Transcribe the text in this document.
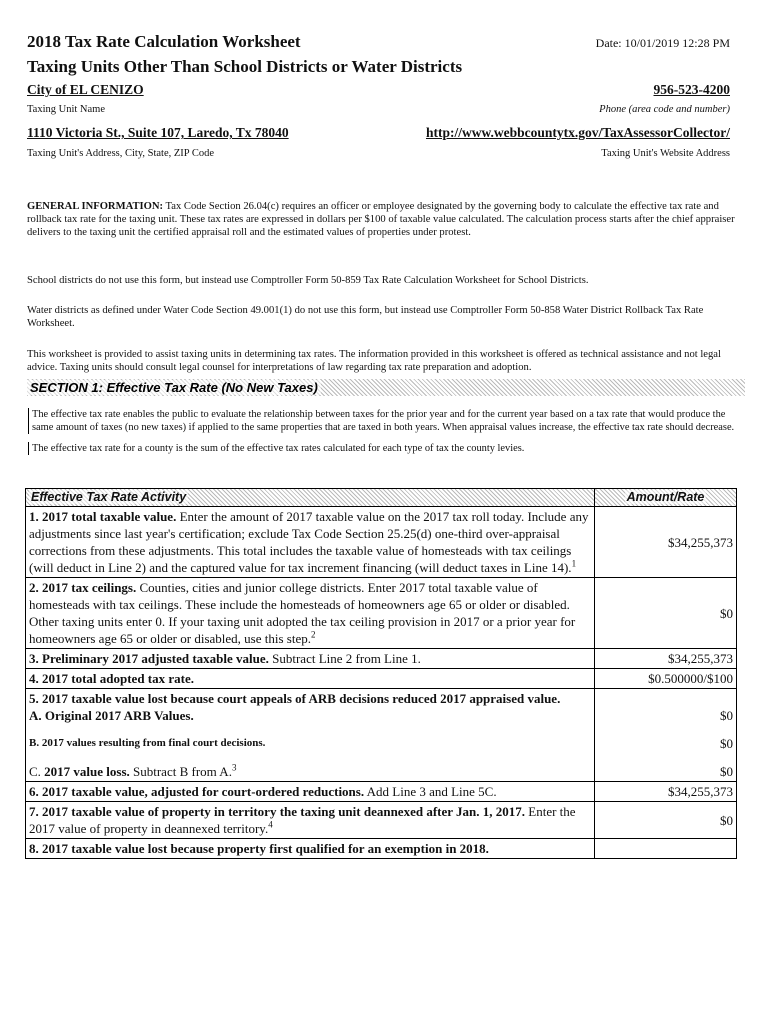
2018 Tax Rate Calculation Worksheet
Taxing Units Other Than School Districts or Water Districts
Date: 10/01/2019 12:28 PM
City of EL CENIZO
Taxing Unit Name
956-523-4200
Phone (area code and number)
1110 Victoria St., Suite 107, Laredo, Tx 78040
Taxing Unit's Address, City, State, ZIP Code
http://www.webbcountytx.gov/TaxAssessorCollector/
Taxing Unit's Website Address
GENERAL INFORMATION: Tax Code Section 26.04(c) requires an officer or employee designated by the governing body to calculate the effective tax rate and rollback tax rate for the taxing unit. These tax rates are expressed in dollars per $100 of taxable value calculated. The calculation process starts after the chief appraiser delivers to the taxing unit the certified appraisal roll and the estimated values of properties under protest.
School districts do not use this form, but instead use Comptroller Form 50-859 Tax Rate Calculation Worksheet for School Districts.
Water districts as defined under Water Code Section 49.001(1) do not use this form, but instead use Comptroller Form 50-858 Water District Rollback Tax Rate Worksheet.
This worksheet is provided to assist taxing units in determining tax rates. The information provided in this worksheet is offered as technical assistance and not legal advice. Taxing units should consult legal counsel for interpretations of law regarding tax rate preparation and adoption.
SECTION 1: Effective Tax Rate (No New Taxes)
The effective tax rate enables the public to evaluate the relationship between taxes for the prior year and for the current year based on a tax rate that would produce the same amount of taxes (no new taxes) if applied to the same properties that are taxed in both years. When appraisal values increase, the effective tax rate should decrease.
The effective tax rate for a county is the sum of the effective tax rates calculated for each type of tax the county levies.
Effective Tax Rate Activity	Amount/Rate
1. 2017 total taxable value. Enter the amount of 2017 taxable value on the 2017 tax roll today. Include any adjustments since last year's certification; exclude Tax Code Section 25.25(d) one-third over-appraisal corrections from these adjustments. This total includes the taxable value of homesteads with tax ceilings (will deduct in Line 2) and the captured value for tax increment financing (will deduct taxes in Line 14).$^1$	$34,255,373
2. 2017 tax ceilings. Counties, cities and junior college districts. Enter 2017 total taxable value of homesteads with tax ceilings. These include the homesteads of homeowners age 65 or older or disabled. Other taxing units enter 0. If your taxing unit adopted the tax ceiling provision in 2017 or a prior year for homeowners age 65 or older or disabled, use this step.$^2$	$0
3. Preliminary 2017 adjusted taxable value. Subtract Line 2 from Line 1.	$34,255,373
4. 2017 total adopted tax rate.	$0.500000/$100
5. 2017 taxable value lost because court appeals of ARB decisions reduced 2017 appraised value.
A. Original 2017 ARB Values.	$0
B. 2017 values resulting from final court decisions.	$0
C. 2017 value loss. Subtract B from A.$^3$	$0
6. 2017 taxable value, adjusted for court-ordered reductions. Add Line 3 and Line 5C.	$34,255,373
7. 2017 taxable value of property in territory the taxing unit deannexed after Jan. 1, 2017. Enter the 2017 value of property in deannexed territory.$^4$	$0
8. 2017 taxable value lost because property first qualified for an exemption in 2018.	
